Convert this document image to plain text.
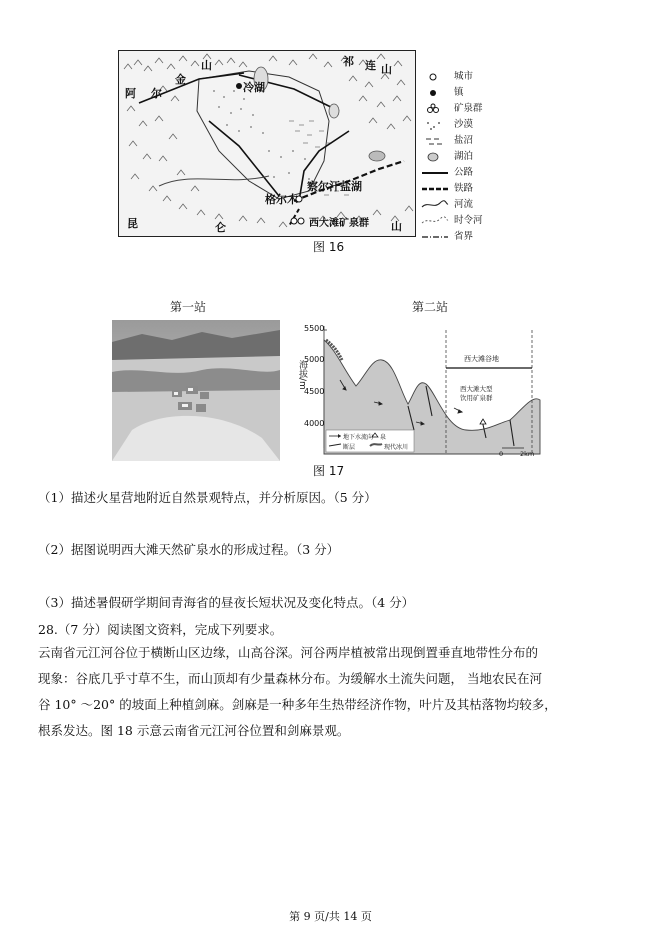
阿 尔
金
山	祁 连 山
冷湖
察尔汗盐湖
格尔木
昆	仑	西大滩矿泉群 山
城市
镇
矿泉群
沙漠
盐沼
湖泊
公路
铁路
河流
时令河
省界
图 16
第一站	第二站
海拔/m
5500
5000
4500
4000
西大滩谷地
西大滩大型
饮用矿泉群
0	2km
地下水流向 泉
断层	现代冰川
图 17
（1）描述火星营地附近自然景观特点，并分析原因。（5 分）
（2）据图说明西大滩天然矿泉水的形成过程。（3 分）
（3）描述暑假研学期间青海省的昼夜长短状况及变化特点。（4 分）
28.（7 分）阅读图文资料，完成下列要求。

云南省元江河谷位于横断山区边缘，山高谷深。河谷两岸植被常出现倒置垂直地带性分布的

现象：谷底几乎寸草不生，而山顶却有少量森林分布。为缓解水土流失问题， 当地农民在河

谷 10° ～20° 的坡面上种植剑麻。剑麻是一种多年生热带经济作物，叶片及其枯落物均较多，

根系发达。图 18 示意云南省元江河谷位置和剑麻景观。

第 9 页/共 14 页
